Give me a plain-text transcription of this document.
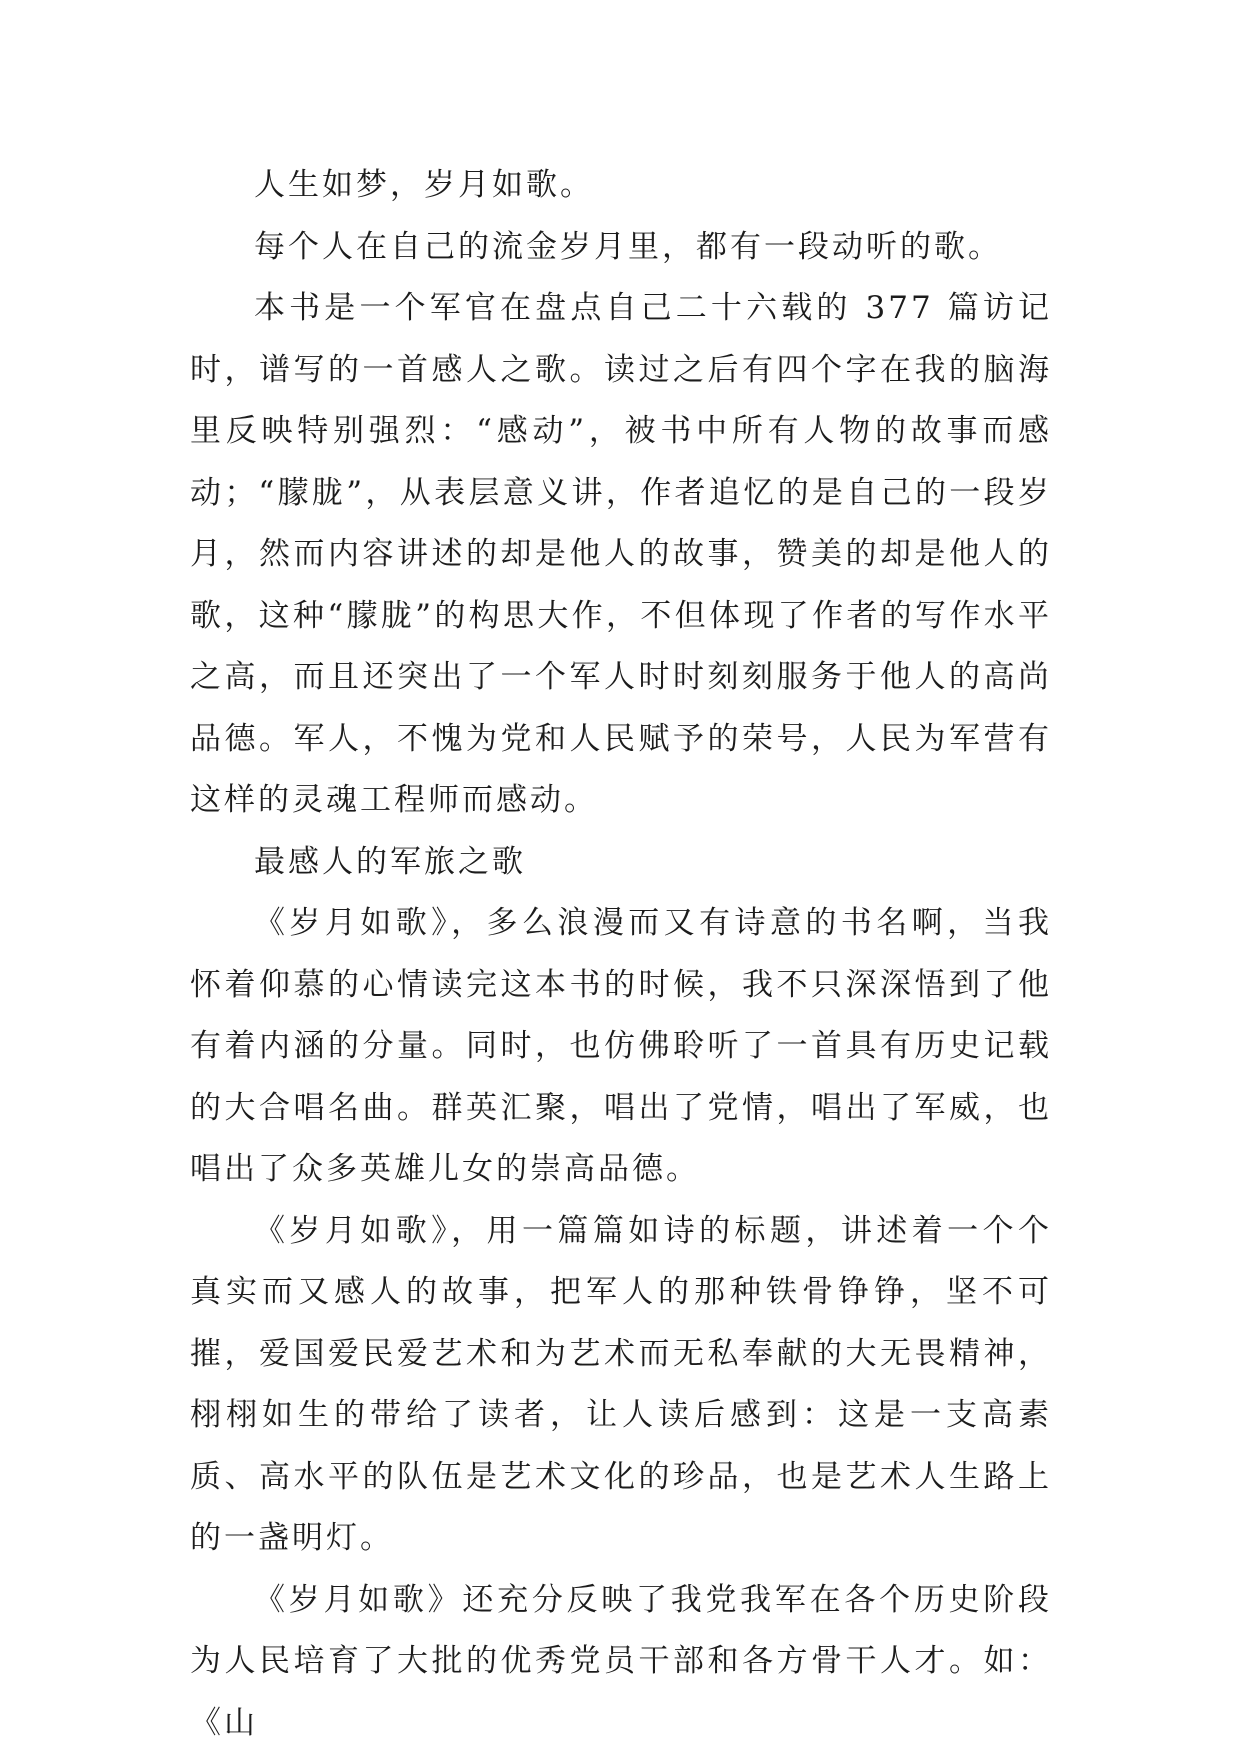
人生如梦，岁月如歌。

每个人在自己的流金岁月里，都有一段动听的歌。

本书是一个军官在盘点自己二十六载的 377 篇访记时，谱写的一首感人之歌。读过之后有四个字在我的脑海里反映特别强烈：“感动”，被书中所有人物的故事而感动；“朦胧”，从表层意义讲，作者追忆的是自己的一段岁月，然而内容讲述的却是他人的故事，赞美的却是他人的歌，这种“朦胧”的构思大作，不但体现了作者的写作水平之高，而且还突出了一个军人时时刻刻服务于他人的高尚品德。军人，不愧为党和人民赋予的荣号，人民为军营有这样的灵魂工程师而感动。

最感人的军旅之歌

《岁月如歌》，多么浪漫而又有诗意的书名啊，当我怀着仰慕的心情读完这本书的时候，我不只深深悟到了他有着内涵的分量。同时，也仿佛聆听了一首具有历史记载的大合唱名曲。群英汇聚，唱出了党情，唱出了军威，也唱出了众多英雄儿女的崇高品德。

《岁月如歌》，用一篇篇如诗的标题，讲述着一个个真实而又感人的故事，把军人的那种铁骨铮铮，坚不可摧，爱国爱民爱艺术和为艺术而无私奉献的大无畏精神，栩栩如生的带给了读者，让人读后感到：这是一支高素质、高水平的队伍是艺术文化的珍品，也是艺术人生路上的一盏明灯。

《岁月如歌》还充分反映了我党我军在各个历史阶段为人民培育了大批的优秀党员干部和各方骨干人才。如：《山
